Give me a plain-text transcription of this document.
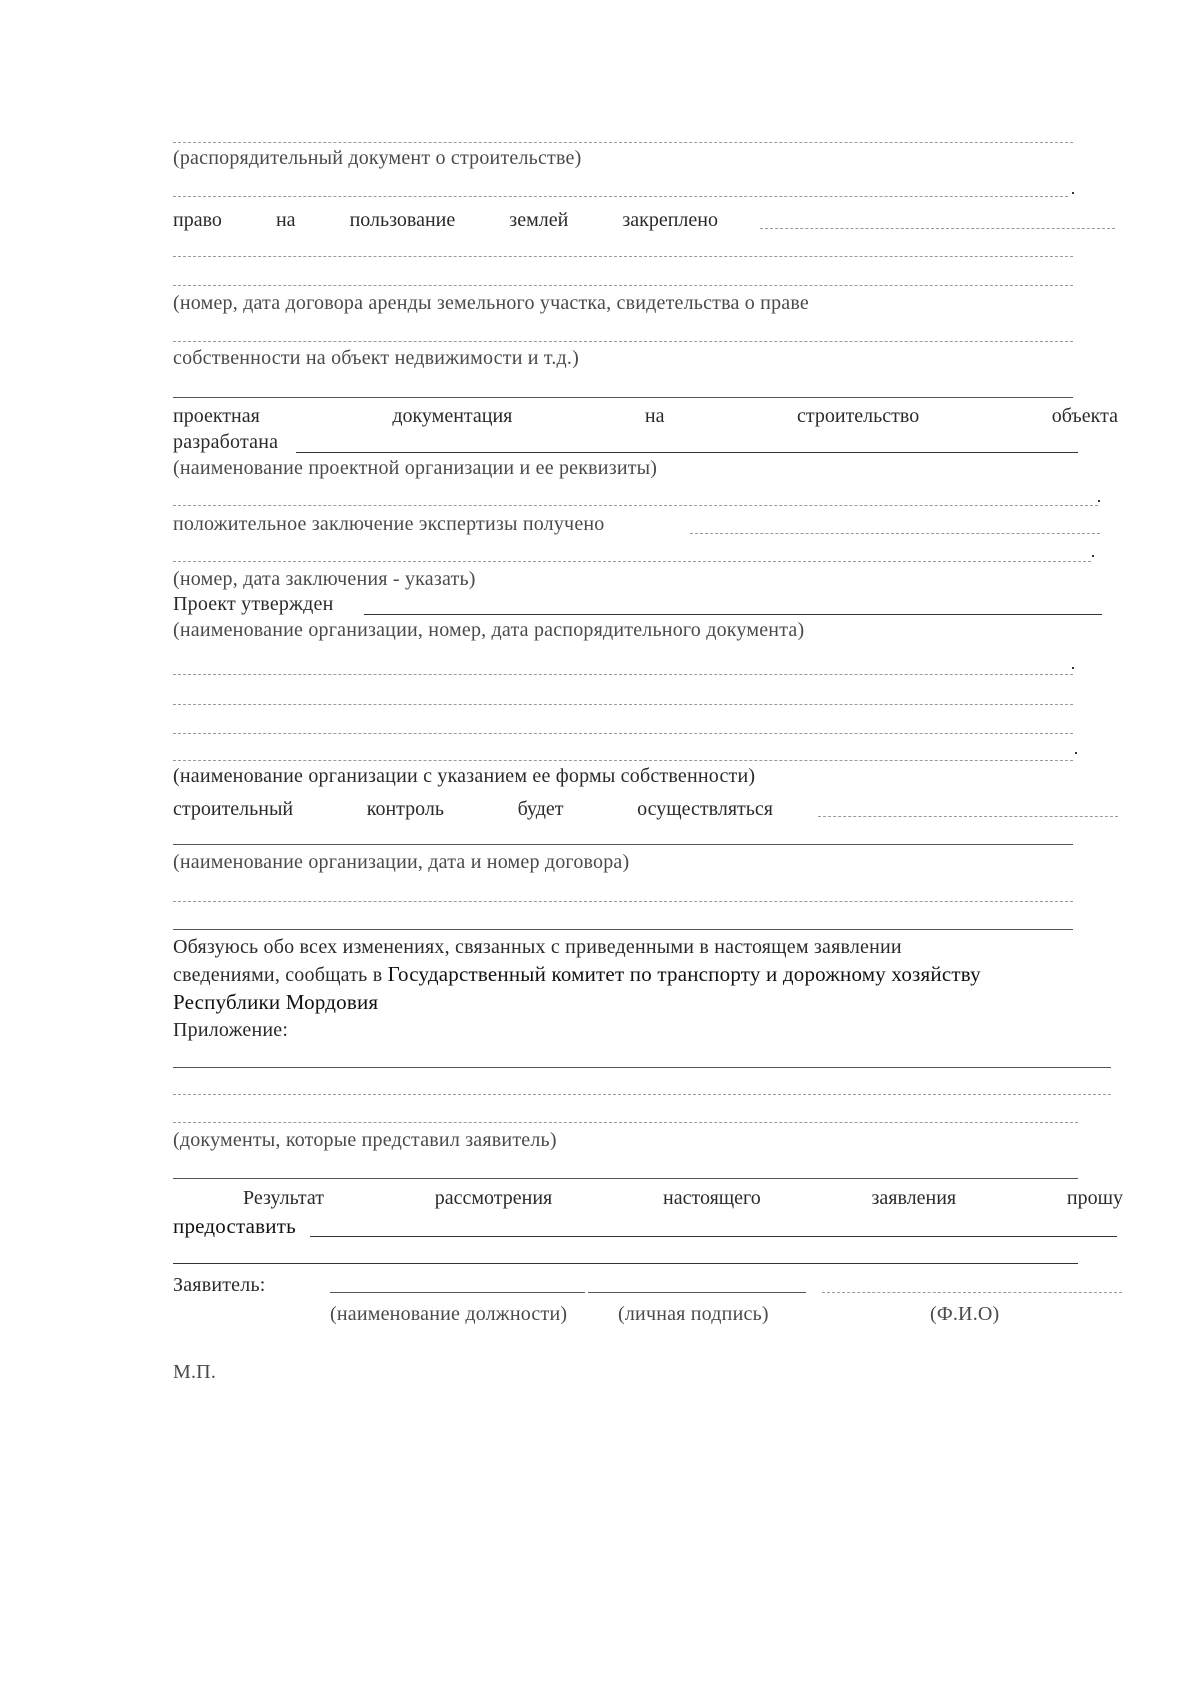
(распорядительный документ о строительстве)
право	на	пользование	землей	закреплено
(номер, дата договора аренды земельного участка, свидетельства о праве
собственности на объект недвижимости и т.д.)
проектная	документация	на	строительство	объекта
разработана
(наименование проектной организации и ее реквизиты)
положительное заключение экспертизы получено
(номер, дата заключения - указать)
Проект утвержден
(наименование организации, номер, дата распорядительного документа)
(наименование организации с указанием ее формы собственности)
строительный	контроль	будет	осуществляться
(наименование организации, дата и номер договора)
Обязуюсь обо всех изменениях, связанных с приведенными в настоящем заявлении
сведениями, сообщать в Государственный комитет по транспорту и дорожному хозяйству
Республики Мордовия
Приложение:
(документы, которые представил заявитель)
Результат	рассмотрения	настоящего	заявления	прошу
предоставить
Заявитель:
(наименование должности)	(личная подпись)	(Ф.И.О)
М.П.
